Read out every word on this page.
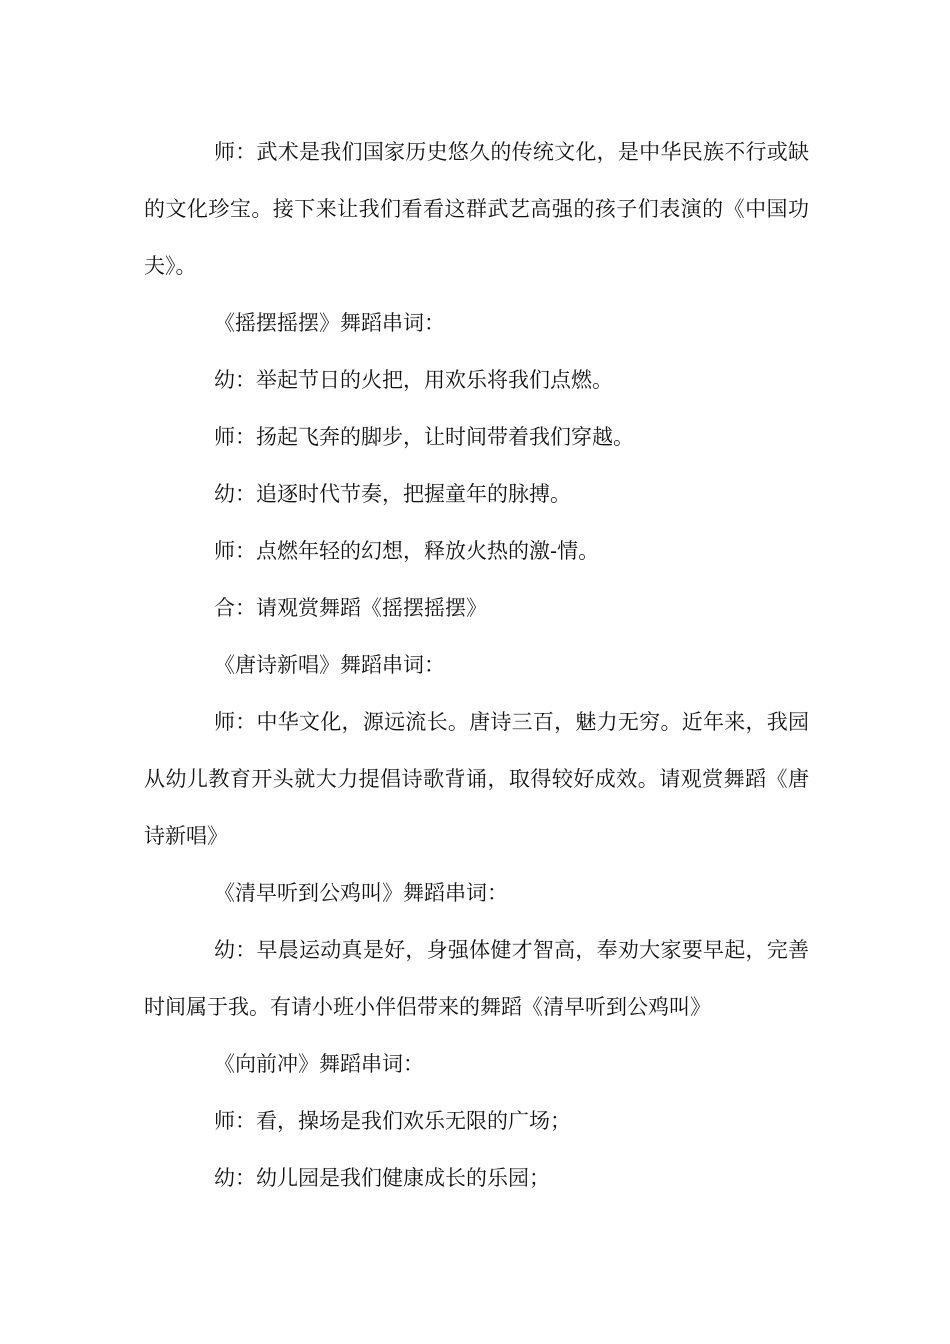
师：武术是我们国家历史悠久的传统文化，是中华民族不行或缺的文化珍宝。接下来让我们看看这群武艺高强的孩子们表演的《中国功夫》。

《摇摆摇摆》舞蹈串词：

幼：举起节日的火把，用欢乐将我们点燃。

师：扬起飞奔的脚步，让时间带着我们穿越。

幼：追逐时代节奏，把握童年的脉搏。

师：点燃年轻的幻想，释放火热的激-情。

合：请观赏舞蹈《摇摆摇摆》

《唐诗新唱》舞蹈串词：

师：中华文化，源远流长。唐诗三百，魅力无穷。近年来，我园从幼儿教育开头就大力提倡诗歌背诵，取得较好成效。请观赏舞蹈《唐诗新唱》

《清早听到公鸡叫》舞蹈串词：

幼：早晨运动真是好，身强体健才智高，奉劝大家要早起，完善时间属于我。有请小班小伴侣带来的舞蹈《清早听到公鸡叫》

《向前冲》舞蹈串词：

师：看，操场是我们欢乐无限的广场；

幼：幼儿园是我们健康成长的乐园；
